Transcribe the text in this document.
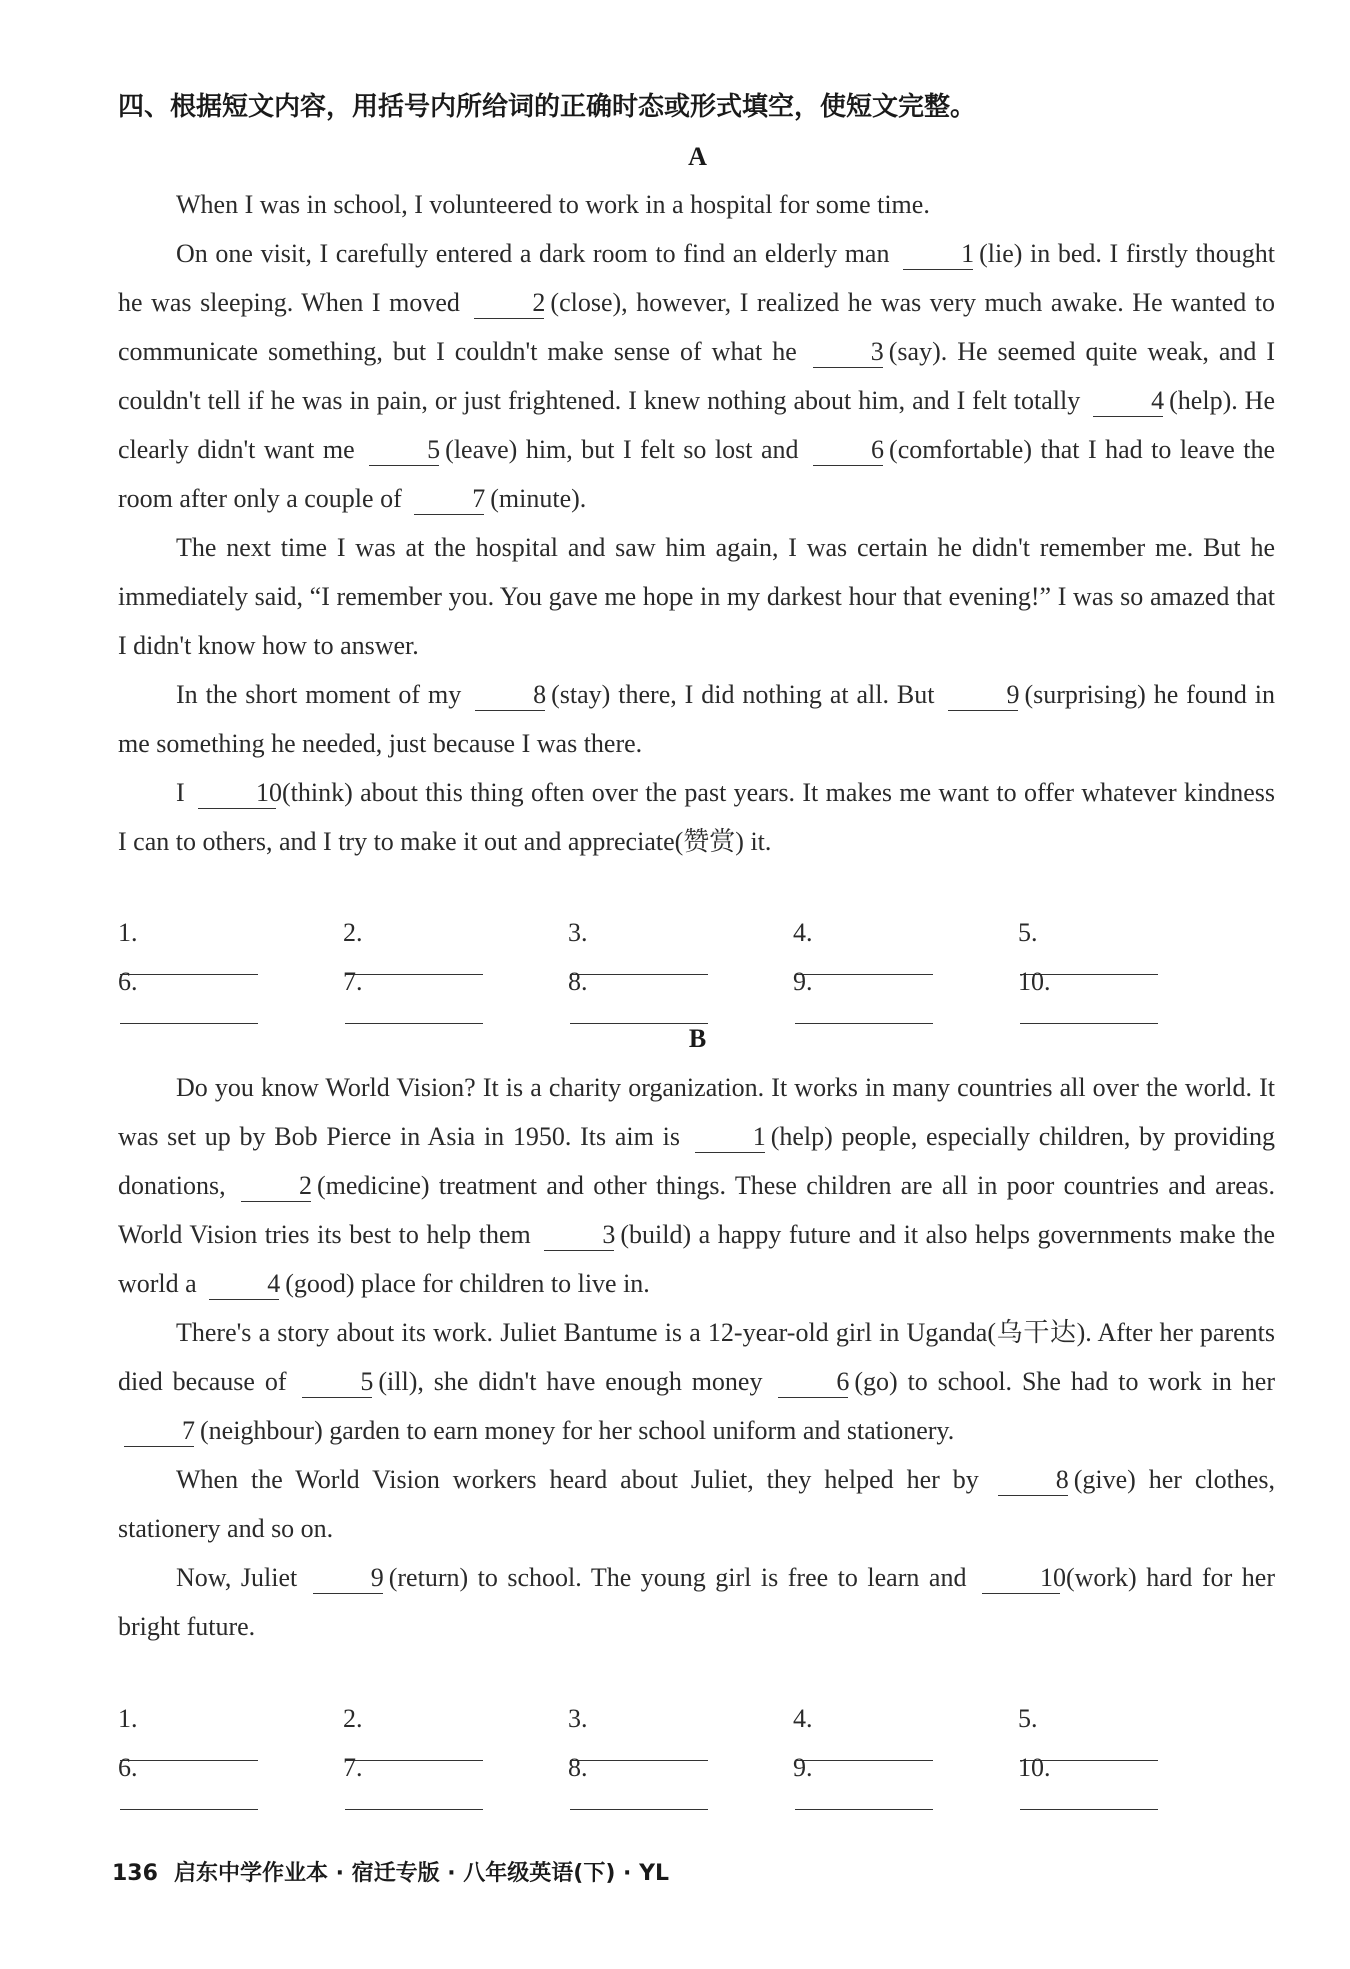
四、根据短文内容，用括号内所给词的正确时态或形式填空，使短文完整。
A

When I was in school, I volunteered to work in a hospital for some time.

On one visit, I carefully entered a dark room to find an elderly man 1 (lie) in bed. I firstly thought he was sleeping. When I moved 2 (close), however, I realized he was very much awake. He wanted to communicate something, but I couldn't make sense of what he 3 (say). He seemed quite weak, and I couldn't tell if he was in pain, or just frightened. I knew nothing about him, and I felt totally 4 (help). He clearly didn't want me 5 (leave) him, but I felt so lost and 6 (comfortable) that I had to leave the room after only a couple of 7 (minute).

The next time I was at the hospital and saw him again, I was certain he didn't remember me. But he immediately said, “I remember you. You gave me hope in my darkest hour that evening!” I was so amazed that I didn't know how to answer.

In the short moment of my 8 (stay) there, I did nothing at all. But 9 (surprising) he found in me something he needed, just because I was there.

I 10(think) about this thing often over the past years. It makes me want to offer whatever kindness I can to others, and I try to make it out and appreciate(赞赏) it.

1.	2.	3.	4.	5.
6.	7.	8.	9.	10.
B

Do you know World Vision? It is a charity organization. It works in many countries all over the world. It was set up by Bob Pierce in Asia in 1950. Its aim is 1 (help) people, especially children, by providing donations, 2 (medicine) treatment and other things. These children are all in poor countries and areas. World Vision tries its best to help them 3 (build) a happy future and it also helps governments make the world a 4 (good) place for children to live in.

There's a story about its work. Juliet Bantume is a 12-year-old girl in Uganda(乌干达). After her parents died because of 5 (ill), she didn't have enough money 6 (go) to school. She had to work in her 7 (neighbour) garden to earn money for her school uniform and stationery.

When the World Vision workers heard about Juliet, they helped her by 8 (give) her clothes, stationery and so on.

Now, Juliet 9 (return) to school. The young girl is free to learn and 10(work) hard for her bright future.

1.	2.	3.	4.	5.
6.	7.	8.	9.	10.
136 启东中学作业本 · 宿迁专版 · 八年级英语(下) · YL
